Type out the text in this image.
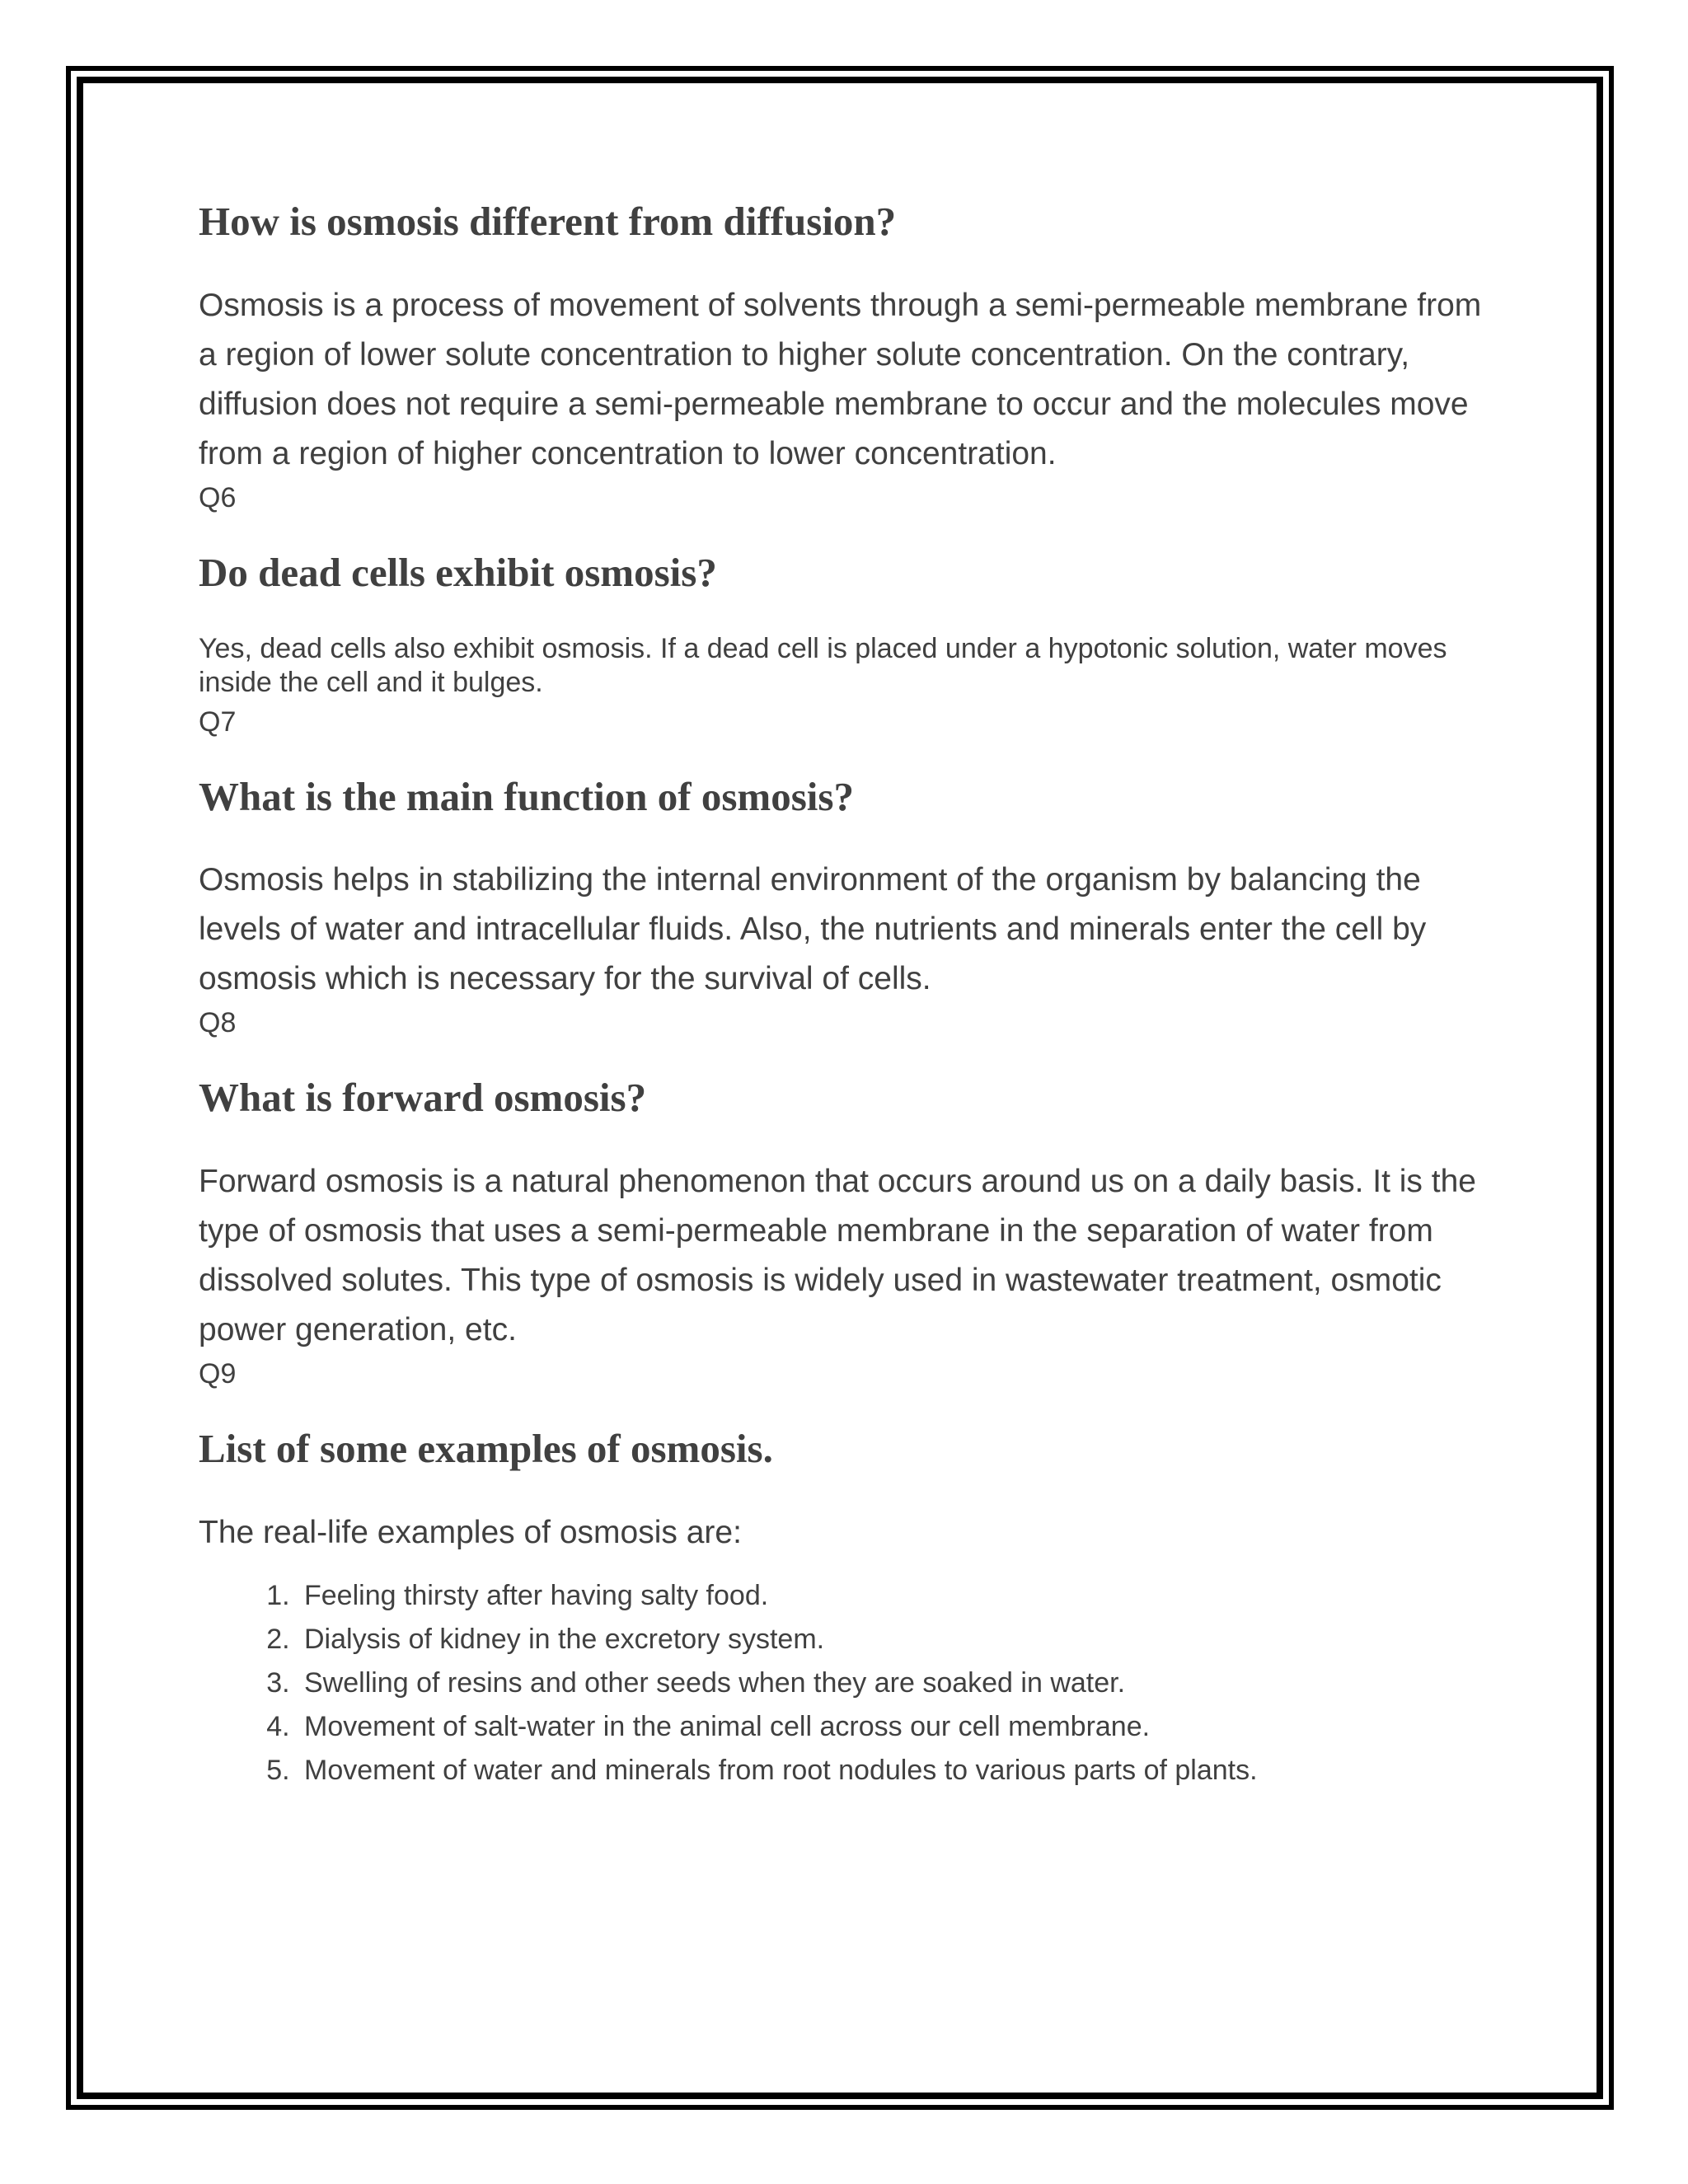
How is osmosis different from diffusion?

Osmosis is a process of movement of solvents through a semi-permeable membrane from a region of lower solute concentration to higher solute concentration. On the contrary, diffusion does not require a semi-permeable membrane to occur and the molecules move from a region of higher concentration to lower concentration.

Q6

Do dead cells exhibit osmosis?

Yes, dead cells also exhibit osmosis. If a dead cell is placed under a hypotonic solution, water moves inside the cell and it bulges.

Q7

What is the main function of osmosis?

Osmosis helps in stabilizing the internal environment of the organism by balancing the levels of water and intracellular fluids. Also, the nutrients and minerals enter the cell by osmosis which is necessary for the survival of cells.

Q8

What is forward osmosis?

Forward osmosis is a natural phenomenon that occurs around us on a daily basis. It is the type of osmosis that uses a semi-permeable membrane in the separation of water from dissolved solutes. This type of osmosis is widely used in wastewater treatment, osmotic power generation, etc.

Q9

List of some examples of osmosis.

The real-life examples of osmosis are:

1. Feeling thirsty after having salty food.
2. Dialysis of kidney in the excretory system.
3. Swelling of resins and other seeds when they are soaked in water.
4. Movement of salt-water in the animal cell across our cell membrane.
5. Movement of water and minerals from root nodules to various parts of plants.
